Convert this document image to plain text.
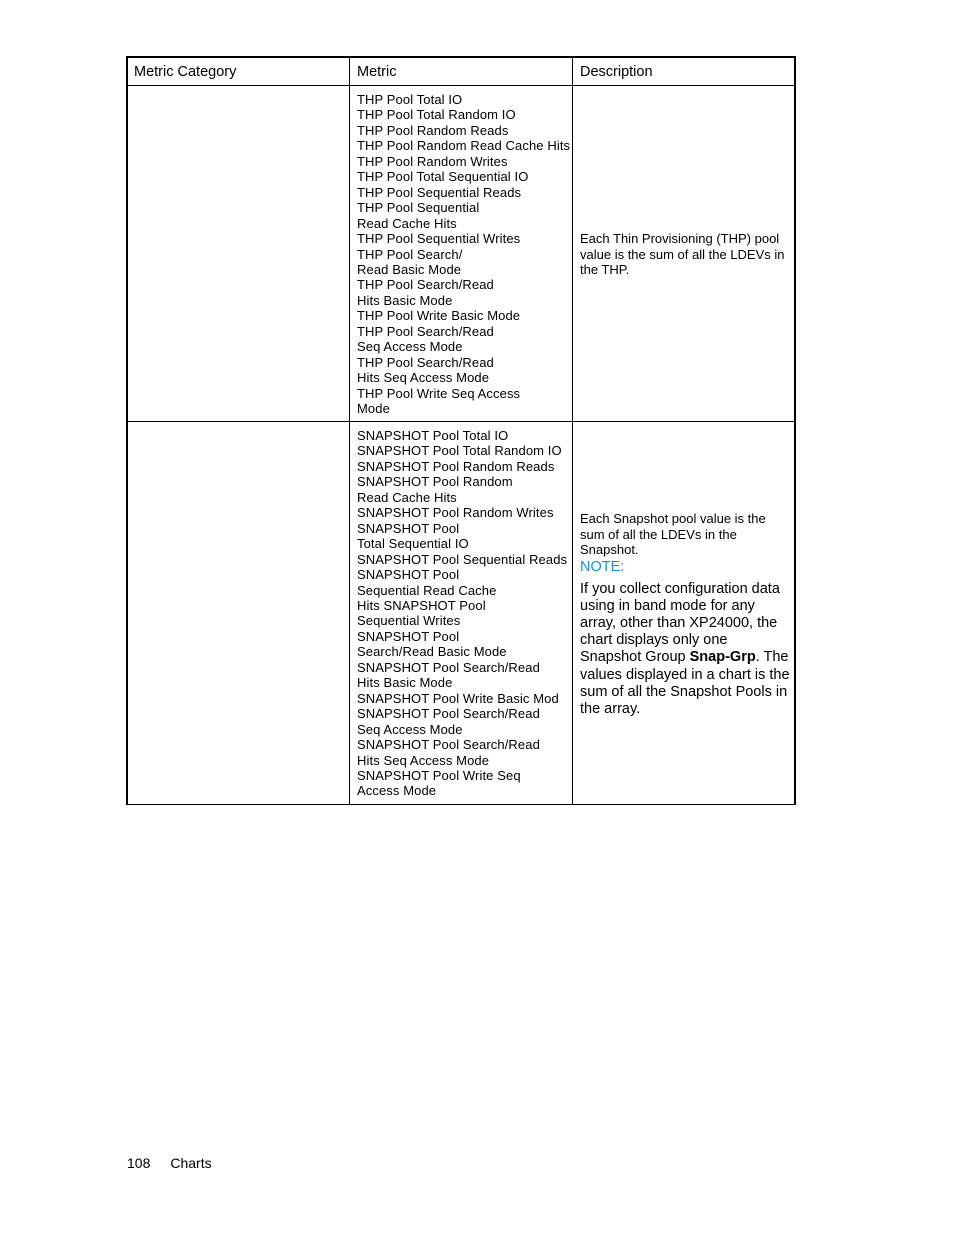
Metric Category	Metric	Description
THP Pool Total IO
THP Pool Total Random IO
THP Pool Random Reads
THP Pool Random Read Cache Hits
THP Pool Random Writes
THP Pool Total Sequential IO
THP Pool Sequential Reads
THP Pool Sequential
Read Cache Hits
THP Pool Sequential Writes
THP Pool Search/
Read Basic Mode
THP Pool Search/Read
Hits Basic Mode
THP Pool Write Basic Mode
THP Pool Search/Read
Seq Access Mode
THP Pool Search/Read
Hits Seq Access Mode
THP Pool Write Seq Access
Mode

Each Thin Provisioning (THP) pool value is the sum of all the LDEVs in the THP.

SNAPSHOT Pool Total IO
SNAPSHOT Pool Total Random IO
SNAPSHOT Pool Random Reads
SNAPSHOT Pool Random
Read Cache Hits
SNAPSHOT Pool Random Writes
SNAPSHOT Pool
Total Sequential IO
SNAPSHOT Pool Sequential Reads
SNAPSHOT Pool
Sequential Read Cache
Hits SNAPSHOT Pool
Sequential Writes
SNAPSHOT Pool
Search/Read Basic Mode
SNAPSHOT Pool Search/Read
Hits Basic Mode
SNAPSHOT Pool Write Basic Mod
SNAPSHOT Pool Search/Read
Seq Access Mode
SNAPSHOT Pool Search/Read
Hits Seq Access Mode
SNAPSHOT Pool Write Seq
Access Mode

Each Snapshot pool value is the sum of all the LDEVs in the Snapshot.

NOTE:

If you collect configuration data using in band mode for any array, other than XP24000, the chart displays only one Snapshot Group Snap-Grp. The values displayed in a chart is the sum of all the Snapshot Pools in the array.

108 Charts
